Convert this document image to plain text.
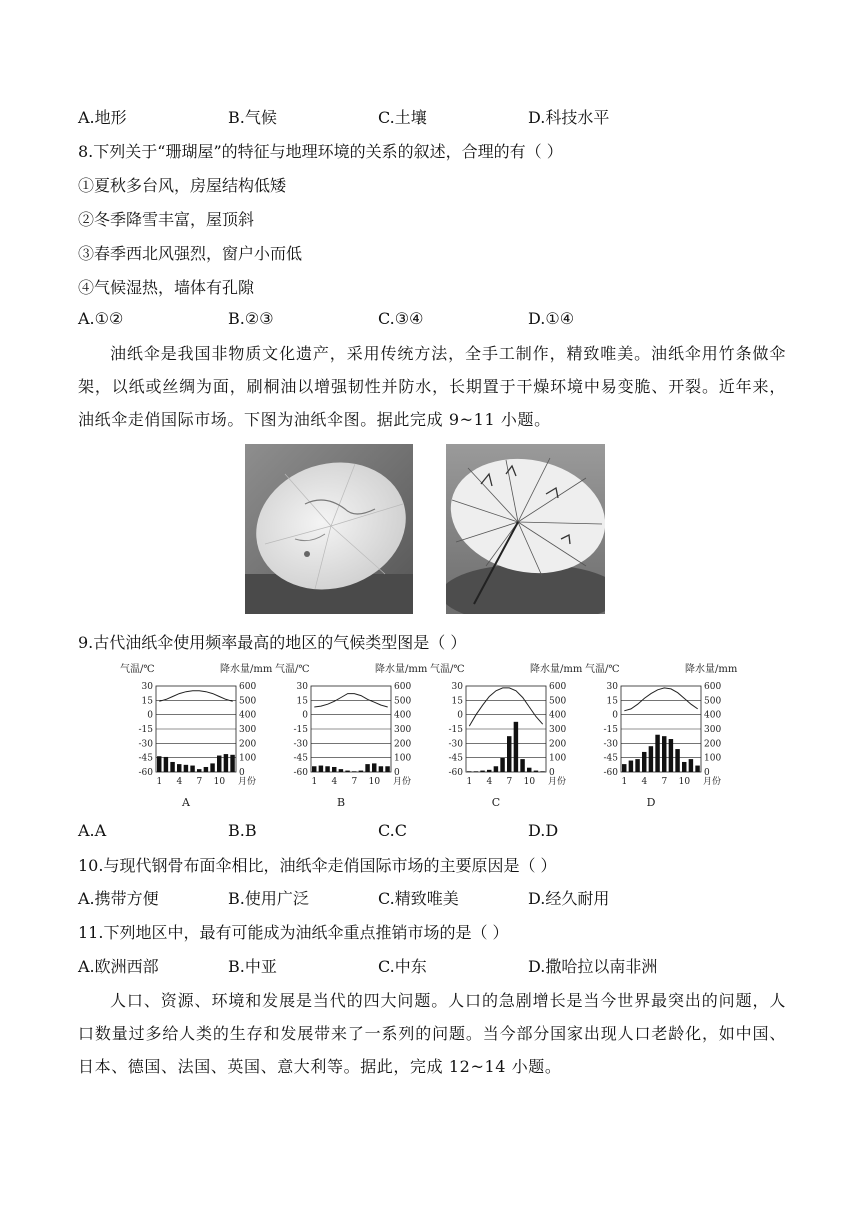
A.地形	B.气候	C.土壤	D.科技水平
8.下列关于“珊瑚屋”的特征与地理环境的关系的叙述，合理的有（ ）
①夏秋多台风，房屋结构低矮
②冬季降雪丰富，屋顶斜
③春季西北风强烈，窗户小而低
④气候湿热，墙体有孔隙
A.①②	B.②③	C.③④	D.①④
油纸伞是我国非物质文化遗产，采用传统方法，全手工制作，精致唯美。油纸伞用竹条做伞架，以纸或丝绸为面，刷桐油以增强韧性并防水，长期置于干燥环境中易变脆、开裂。近年来，油纸伞走俏国际市场。下图为油纸伞图。据此完成 9~11 小题。
9.古代油纸伞使用频率最高的地区的气候类型图是（ ）
气温/℃	降水量/mm
30
15
0
-15
-30
-45
-60
600
500
400
300
200
100
0
1 4 7 10 月份
A
气温/℃	降水量/mm
30
15
0
-15
-30
-45
-60
600
500
400
300
200
100
0
1 4 7 10 月份
B
气温/℃	降水量/mm
30
15
0
-15
-30
-45
-60
600
500
400
300
200
100
0
1 4 7 10 月份
C
气温/℃	降水量/mm
30
15
0
-15
-30
-45
-60
600
500
400
300
200
100
0
1 4 7 10 月份
D
A.A	B.B	C.C	D.D
10.与现代钢骨布面伞相比，油纸伞走俏国际市场的主要原因是（ ）
A.携带方便	B.使用广泛	C.精致唯美	D.经久耐用
11.下列地区中，最有可能成为油纸伞重点推销市场的是（ ）
A.欧洲西部	B.中亚	C.中东	D.撒哈拉以南非洲
人口、资源、环境和发展是当代的四大问题。人口的急剧增长是当今世界最突出的问题，人口数量过多给人类的生存和发展带来了一系列的问题。当今部分国家出现人口老龄化，如中国、日本、德国、法国、英国、意大利等。据此，完成 12~14 小题。
